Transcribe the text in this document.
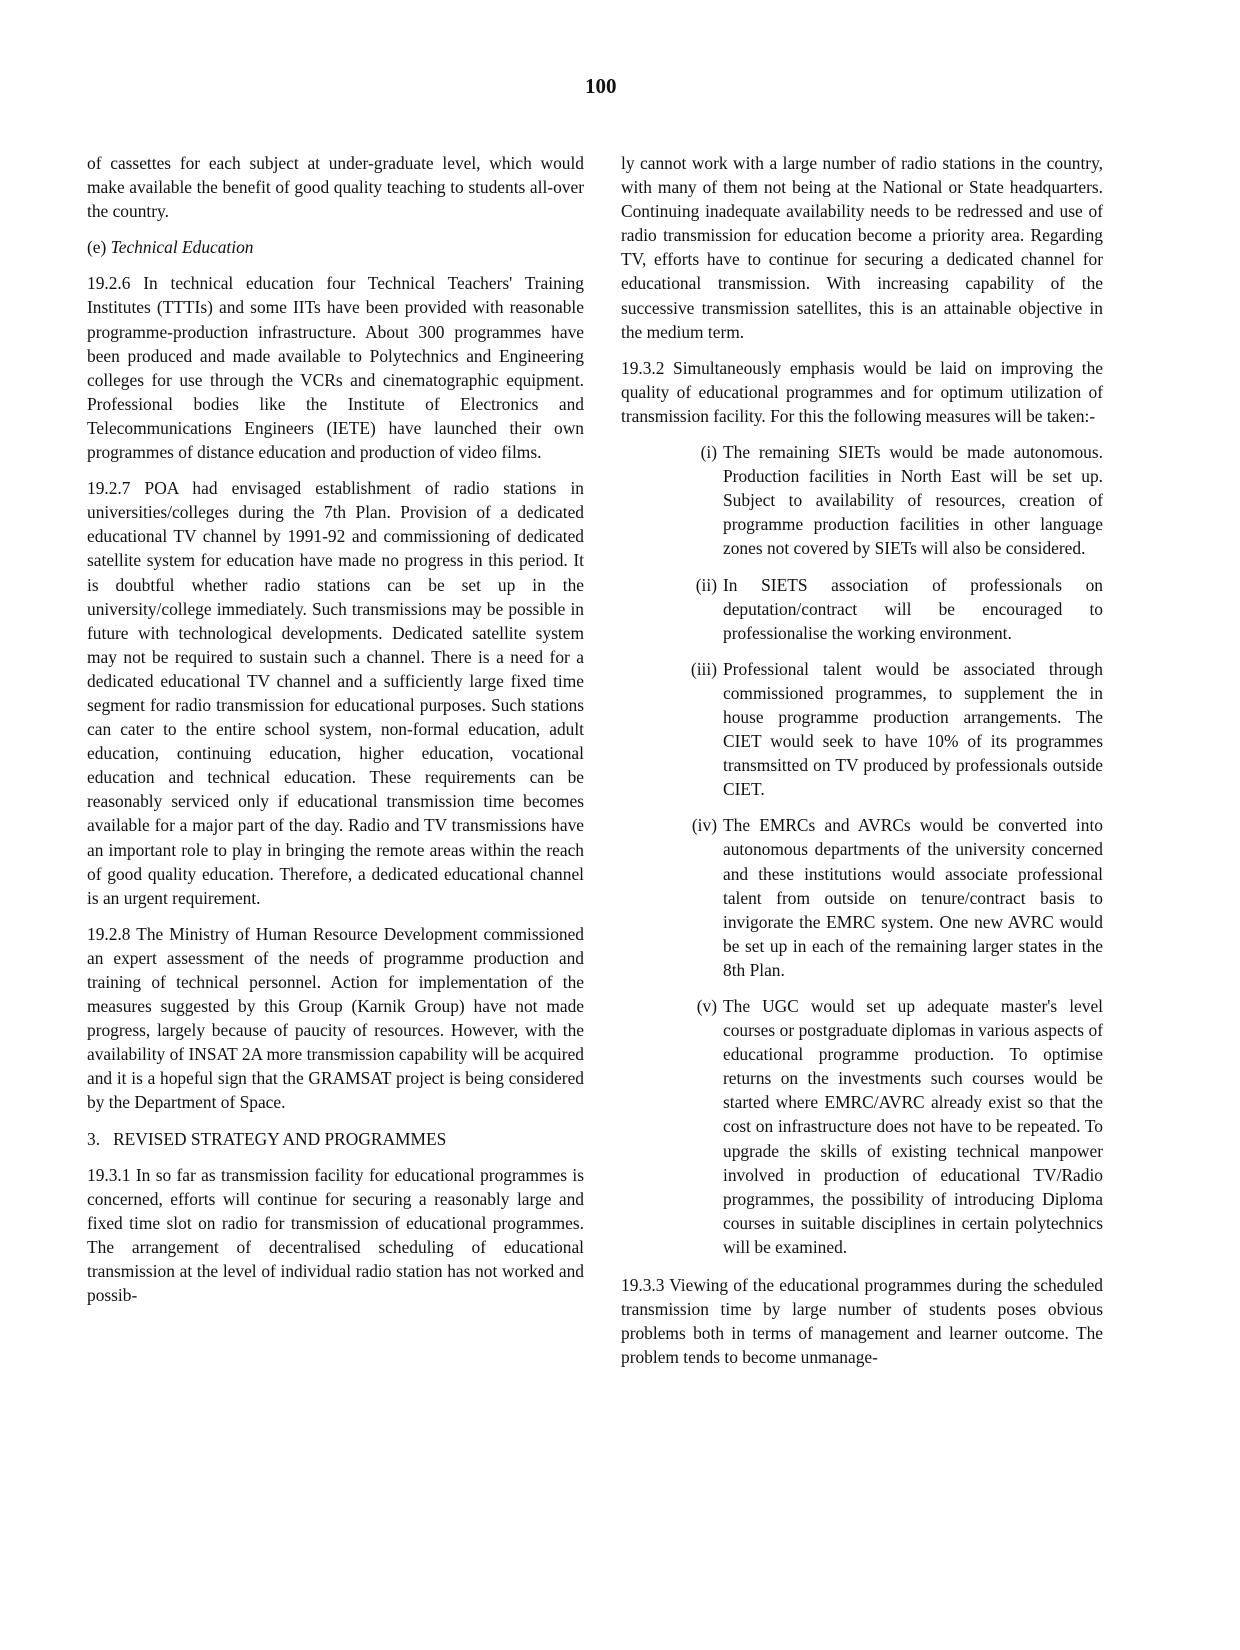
100

of cassettes for each subject at under-graduate level, which would make available the benefit of good quality teaching to students all-over the country.

(e) Technical Education

19.2.6 In technical education four Technical Teachers' Training Institutes (TTTIs) and some IITs have been provided with reasonable programme-production infrastructure. About 300 programmes have been produced and made available to Polytechnics and Engineering colleges for use through the VCRs and cinematographic equipment. Professional bodies like the Institute of Electronics and Telecommunications Engineers (IETE) have launched their own programmes of distance education and production of video films.

19.2.7 POA had envisaged establishment of radio stations in universities/colleges during the 7th Plan. Provision of a dedicated educational TV channel by 1991-92 and commissioning of dedicated satellite system for education have made no progress in this period. It is doubtful whether radio stations can be set up in the university/college immediately. Such transmissions may be possible in future with technological developments. Dedicated satellite system may not be required to sustain such a channel. There is a need for a dedicated educational TV channel and a sufficiently large fixed time segment for radio transmission for educational purposes. Such stations can cater to the entire school system, non-formal education, adult education, continuing education, higher education, vocational education and technical education. These requirements can be reasonably serviced only if educational transmission time becomes available for a major part of the day. Radio and TV transmissions have an important role to play in bringing the remote areas within the reach of good quality education. Therefore, a dedicated educational channel is an urgent requirement.

19.2.8 The Ministry of Human Resource Development commissioned an expert assessment of the needs of programme production and training of technical personnel. Action for implementation of the measures suggested by this Group (Karnik Group) have not made progress, largely because of paucity of resources. However, with the availability of INSAT 2A more transmission capability will be acquired and it is a hopeful sign that the GRAMSAT project is being considered by the Department of Space.

3.   REVISED STRATEGY AND PROGRAMMES

19.3.1 In so far as transmission facility for educational programmes is concerned, efforts will continue for securing a reasonably large and fixed time slot on radio for transmission of educational programmes. The arrangement of decentralised scheduling of educational transmission at the level of individual radio station has not worked and possib-

ly cannot work with a large number of radio stations in the country, with many of them not being at the National or State headquarters. Continuing inadequate availability needs to be redressed and use of radio transmission for education become a priority area. Regarding TV, efforts have to continue for securing a dedicated channel for educational transmission. With increasing capability of the successive transmission satellites, this is an attainable objective in the medium term.

19.3.2 Simultaneously emphasis would be laid on improving the quality of educational programmes and for optimum utilization of transmission facility. For this the following measures will be taken:-

(i) The remaining SIETs would be made autonomous. Production facilities in North East will be set up. Subject to availability of resources, creation of programme production facilities in other language zones not covered by SIETs will also be considered.
(ii) In SIETS association of professionals on deputation/contract will be encouraged to professionalise the working environment.
(iii) Professional talent would be associated through commissioned programmes, to supplement the in house programme production arrangements. The CIET would seek to have 10% of its programmes transmsitted on TV produced by professionals outside CIET.
(iv) The EMRCs and AVRCs would be converted into autonomous departments of the university concerned and these institutions would associate professional talent from outside on tenure/contract basis to invigorate the EMRC system. One new AVRC would be set up in each of the remaining larger states in the 8th Plan.
(v) The UGC would set up adequate master's level courses or postgraduate diplomas in various aspects of educational programme production. To optimise returns on the investments such courses would be started where EMRC/AVRC already exist so that the cost on infrastructure does not have to be repeated. To upgrade the skills of existing technical manpower involved in production of educational TV/Radio programmes, the possibility of introducing Diploma courses in suitable disciplines in certain polytechnics will be examined.

19.3.3 Viewing of the educational programmes during the scheduled transmission time by large number of students poses obvious problems both in terms of management and learner outcome. The problem tends to become unmanage-
